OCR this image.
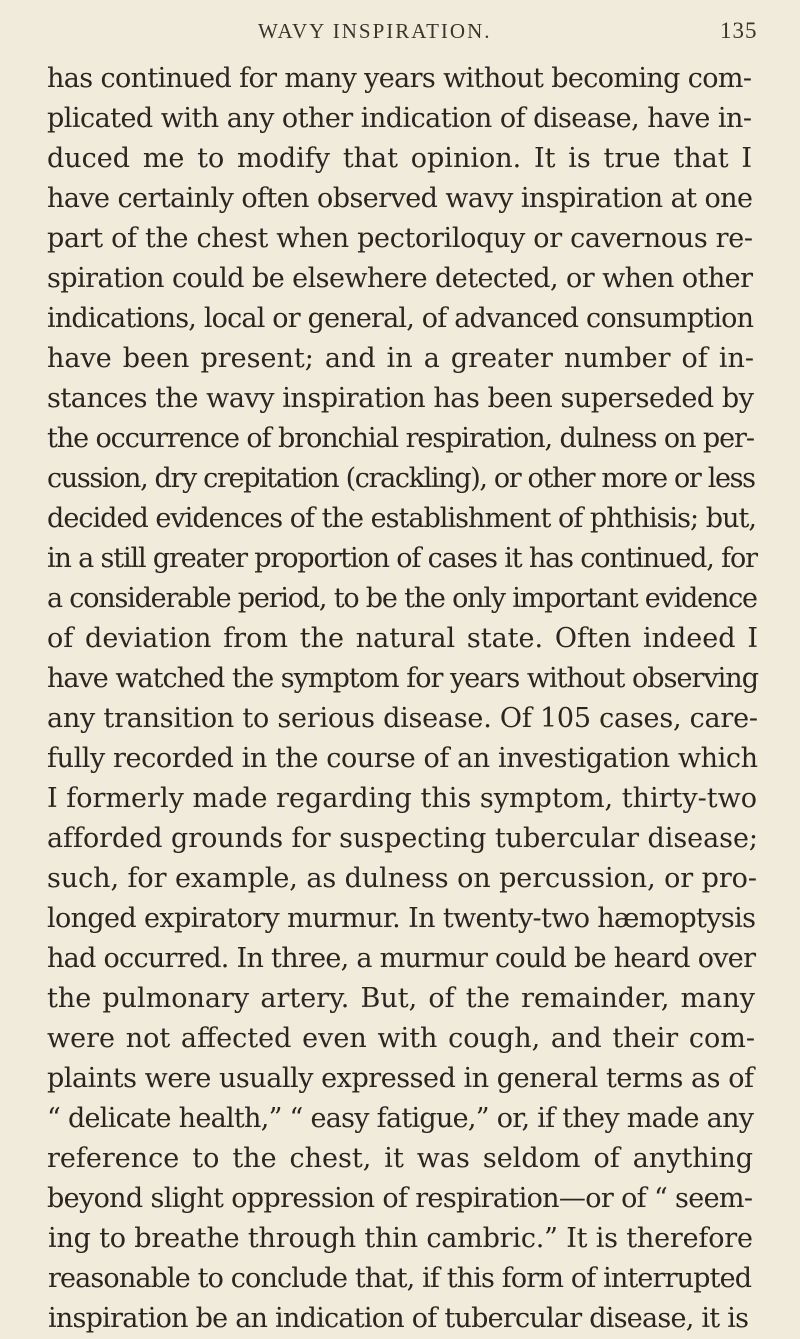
WAVY INSPIRATION.	135
has continued for many years without becoming com-
plicated with any other indication of disease, have in-
duced me to modify that opinion. It is true that I
have certainly often observed wavy inspiration at one
part of the chest when pectoriloquy or cavernous re-
spiration could be elsewhere detected, or when other
indications, local or general, of advanced consumption
have been present; and in a greater number of in-
stances the wavy inspiration has been superseded by
the occurrence of bronchial respiration, dulness on per-
cussion, dry crepitation (crackling), or other more or less
decided evidences of the establishment of phthisis; but,
in a still greater proportion of cases it has continued, for
a considerable period, to be the only important evidence
of deviation from the natural state. Often indeed I
have watched the symptom for years without observing
any transition to serious disease. Of 105 cases, care-
fully recorded in the course of an investigation which
I formerly made regarding this symptom, thirty-two
afforded grounds for suspecting tubercular disease;
such, for example, as dulness on percussion, or pro-
longed expiratory murmur. In twenty-two hæmoptysis
had occurred. In three, a murmur could be heard over
the pulmonary artery. But, of the remainder, many
were not affected even with cough, and their com-
plaints were usually expressed in general terms as of
“ delicate health,” “ easy fatigue,” or, if they made any
reference to the chest, it was seldom of anything
beyond slight oppression of respiration—or of “ seem-
ing to breathe through thin cambric.” It is therefore
reasonable to conclude that, if this form of interrupted
inspiration be an indication of tubercular disease, it is
